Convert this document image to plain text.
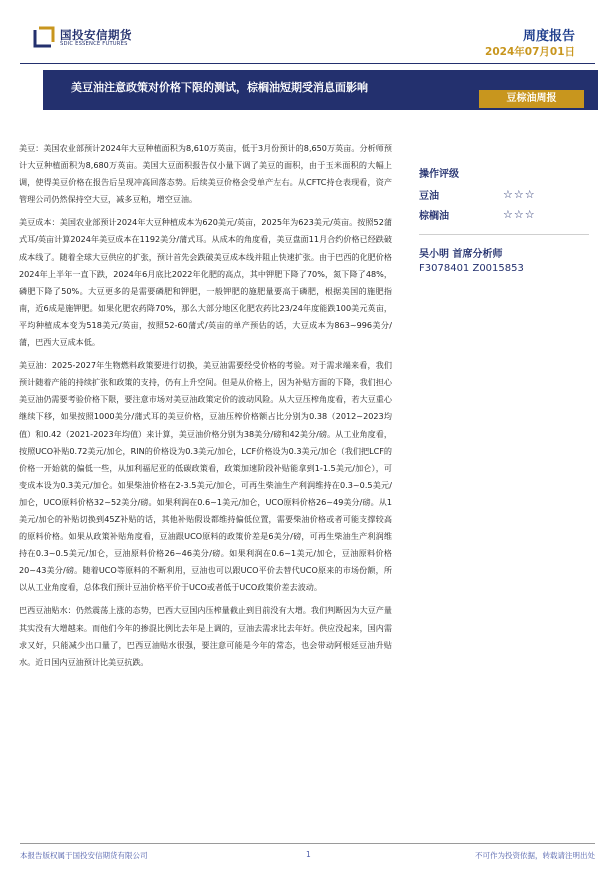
国投安信期货
SDIC ESSENCE FUTURES	周度报告
2024年07月01日
美豆油注意政策对价格下限的测试，棕榈油短期受消息面影响
豆棕油周报

美豆：美国农业部预计2024年大豆种植面积为8,610万英亩，低于3月份预计的8,650万英亩。分析师预计大豆种植面积为8,680万英亩。美国大豆面积报告仅小量下调了美豆的面积，由于玉米面积的大幅上调，使得美豆价格在报告后呈现冲高回落态势。后续美豆价格会受单产左右。从CFTC持仓表现看，资产管理公司仍然保持空大豆，减多豆粕，增空豆油。

美豆成本：美国农业部预计2024年大豆种植成本为620美元/英亩，2025年为623美元/英亩。按照52蒲式耳/英亩计算2024年美豆成本在1192美分/蒲式耳。从成本的角度看，美豆盘面11月合约价格已经跌破成本线了。随着全球大豆供应的扩张，预计首先会跌破美豆成本线并阻止快速扩张。由于巴西的化肥价格2024年上半年一直下跌，2024年6月底比2022年化肥的高点，其中钾肥下降了70%，氮下降了48%，磷肥下降了50%。大豆更多的是需要磷肥和钾肥，一般钾肥的施肥量要高于磷肥，根据美国的施肥指南，近6成是施钾肥。如果化肥农药降70%，那么大部分地区化肥农药比23/24年度能跌100美元英亩，平均种植成本变为518美元/英亩，按照52-60蒲式/英亩的单产预估的话，大豆成本为863~996美分/蒲，巴西大豆成本低。

美豆油：2025-2027年生物燃料政策要进行切换，美豆油需要经受价格的考验。对于需求端来看，我们预计随着产能的持续扩张和政策的支持，仍有上升空间。但是从价格上，因为补贴方面的下降，我们担心美豆油仍需要考验价格下限，要注意市场对美豆油政策定价的波动风险。从大豆压榨角度看，若大豆重心继续下移，如果按照1000美分/蒲式耳的美豆价格，豆油压榨价格额占比分别为0.38（2012~2023均值）和0.42（2021-2023年均值）来计算，美豆油价格分别为38美分/磅和42美分/磅。从工业角度看，按照UCO补贴0.72美元/加仑，RIN的价格设为0.3美元/加仑，LCF价格设为0.3美元/加仑（我们把LCF的价格一开始就的偏低一些，从加利福尼亚的低碳政策看，政策加速阶段补贴能拿到1-1.5美元/加仑），可变成本设为0.3美元/加仑。如果柴油价格在2-3.5美元/加仑，可再生柴油生产利润维持在0.3~0.5美元/加仑，UCO原料价格32~52美分/磅。如果利润在0.6~1美元/加仑，UCO原料价格26~49美分/磅。从1美元/加仑的补贴切换到45Z补贴的话，其他补贴假设都维持偏低位置，需要柴油价格或者可能支撑较高的原料价格。如果从政策补贴角度看，豆油跟UCO原料的政策价差是6美分/磅，可再生柴油生产利润维持在0.3~0.5美元/加仑，豆油原料价格26~46美分/磅。如果利润在0.6~1美元/加仑，豆油原料价格20~43美分/磅。随着UCO等原料的不断利用，豆油也可以跟UCO平价去替代UCO原来的市场份额，所以从工业角度看，总体我们预计豆油价格平价于UCO或者低于UCO政策价差去波动。

巴西豆油贴水：仍然震荡上涨的态势，巴西大豆国内压榨量截止到目前没有大增。我们判断因为大豆产量其实没有大增越来。而他们今年的掺混比例比去年是上调的，豆油去需求比去年好。供应没起来，国内需求又好，只能减少出口量了，巴西豆油贴水很强，要注意可能是今年的常态，也会带动阿根廷豆油升贴水。近日国内豆油预计比美豆抗跌。

操作评级
豆油	☆☆☆
棕榈油	☆☆☆
吴小明 首席分析师
F3078401 Z0015853
本报告版权属于国投安信期货有限公司	1	不可作为投资依据，转载请注明出处
